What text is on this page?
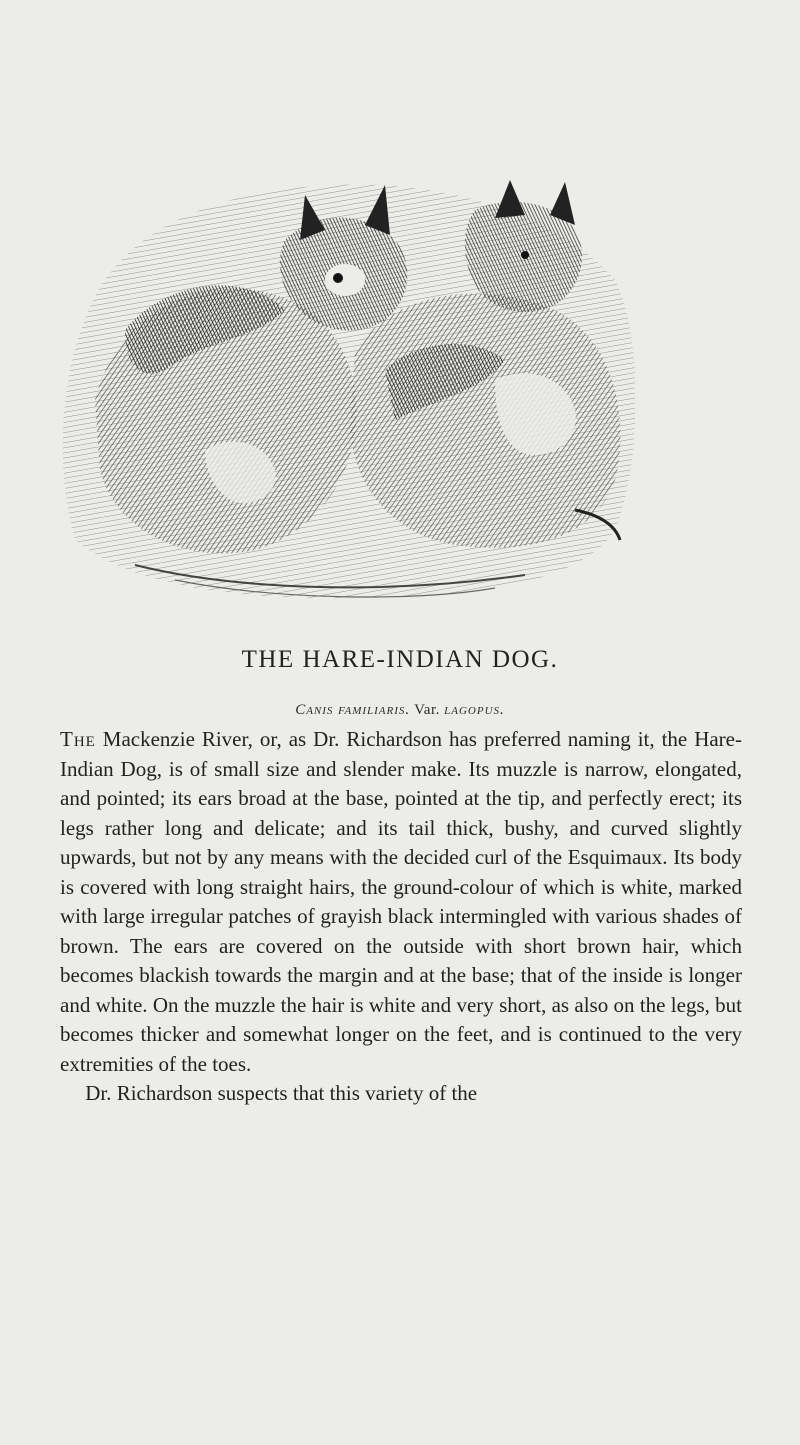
THE HARE-INDIAN DOG.
Canis familiaris. Var. lagopus.

The Mackenzie River, or, as Dr. Richardson has preferred naming it, the Hare-Indian Dog, is of small size and slender make. Its muzzle is narrow, elongated, and pointed; its ears broad at the base, pointed at the tip, and perfectly erect; its legs rather long and delicate; and its tail thick, bushy, and curved slightly upwards, but not by any means with the decided curl of the Esquimaux. Its body is covered with long straight hairs, the ground-colour of which is white, marked with large irregular patches of grayish black intermingled with various shades of brown. The ears are covered on the outside with short brown hair, which becomes blackish towards the margin and at the base; that of the inside is longer and white. On the muzzle the hair is white and very short, as also on the legs, but becomes thicker and somewhat longer on the feet, and is continued to the very extremities of the toes.

Dr. Richardson suspects that this variety of the
